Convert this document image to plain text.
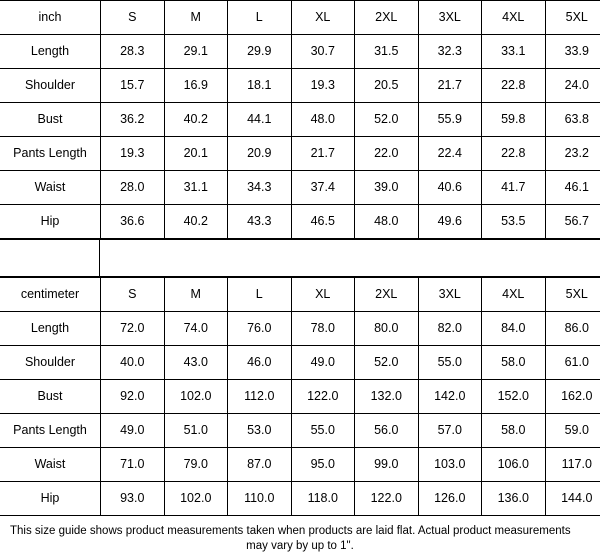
inch	S	M	L	XL	2XL	3XL	4XL	5XL
Length	28.3	29.1	29.9	30.7	31.5	32.3	33.1	33.9
Shoulder	15.7	16.9	18.1	19.3	20.5	21.7	22.8	24.0
Bust	36.2	40.2	44.1	48.0	52.0	55.9	59.8	63.8
Pants Length	19.3	20.1	20.9	21.7	22.0	22.4	22.8	23.2
Waist	28.0	31.1	34.3	37.4	39.0	40.6	41.7	46.1
Hip	36.6	40.2	43.3	46.5	48.0	49.6	53.5	56.7
centimeter	S	M	L	XL	2XL	3XL	4XL	5XL
Length	72.0	74.0	76.0	78.0	80.0	82.0	84.0	86.0
Shoulder	40.0	43.0	46.0	49.0	52.0	55.0	58.0	61.0
Bust	92.0	102.0	112.0	122.0	132.0	142.0	152.0	162.0
Pants Length	49.0	51.0	53.0	55.0	56.0	57.0	58.0	59.0
Waist	71.0	79.0	87.0	95.0	99.0	103.0	106.0	117.0
Hip	93.0	102.0	110.0	118.0	122.0	126.0	136.0	144.0
This size guide shows product measurements taken when products are laid flat. Actual product measurements
may vary by up to 1".
